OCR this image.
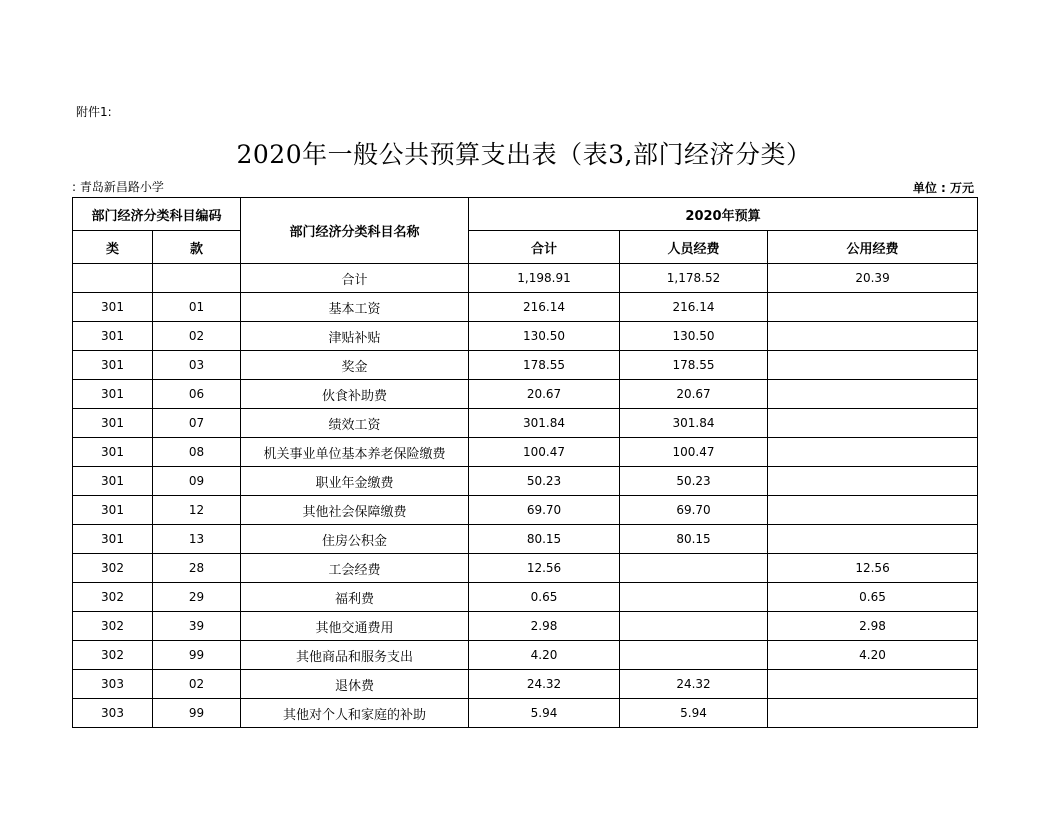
附件1:
2020年一般公共预算支出表（表3,部门经济分类）
: 青岛新昌路小学	单位 : 万元
部门经济分类科目编码		部门经济分类科目名称	2020年预算		
类	款		合计	人员经费	公用经费
		合计	1,198.91	1,178.52	20.39
301	01	基本工资	216.14	216.14	
301	02	津贴补贴	130.50	130.50	
301	03	奖金	178.55	178.55	
301	06	伙食补助费	20.67	20.67	
301	07	绩效工资	301.84	301.84	
301	08	机关事业单位基本养老保险缴费	100.47	100.47	
301	09	职业年金缴费	50.23	50.23	
301	12	其他社会保障缴费	69.70	69.70	
301	13	住房公积金	80.15	80.15	
302	28	工会经费	12.56		12.56
302	29	福利费	0.65		0.65
302	39	其他交通费用	2.98		2.98
302	99	其他商品和服务支出	4.20		4.20
303	02	退休费	24.32	24.32	
303	99	其他对个人和家庭的补助	5.94	5.94	
